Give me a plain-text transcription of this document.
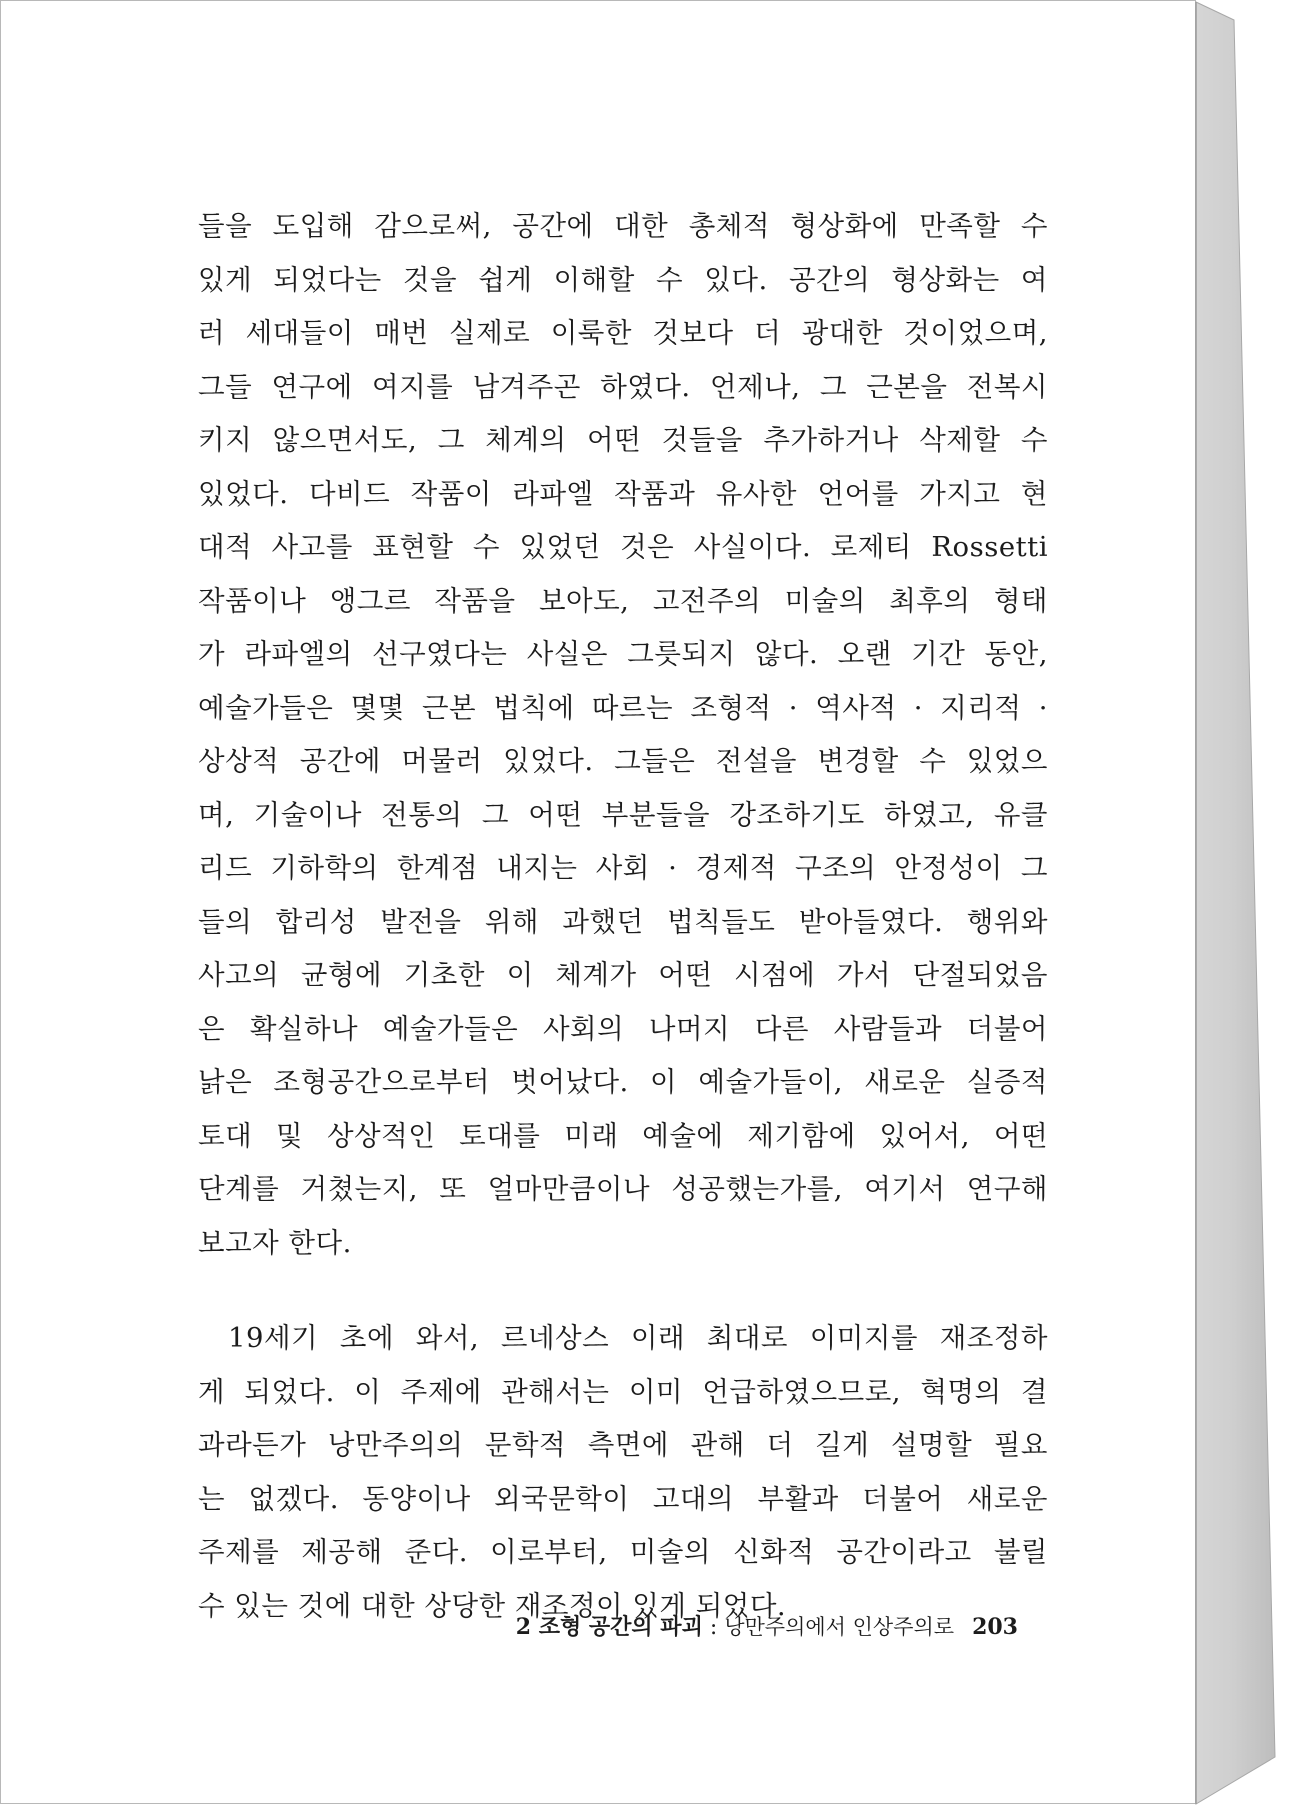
들을 도입해 감으로써, 공간에 대한 총체적 형상화에 만족할 수
있게 되었다는 것을 쉽게 이해할 수 있다. 공간의 형상화는 여
러 세대들이 매번 실제로 이룩한 것보다 더 광대한 것이었으며,
그들 연구에 여지를 남겨주곤 하였다. 언제나, 그 근본을 전복시
키지 않으면서도, 그 체계의 어떤 것들을 추가하거나 삭제할 수
있었다. 다비드 작품이 라파엘 작품과 유사한 언어를 가지고 현
대적 사고를 표현할 수 있었던 것은 사실이다. 로제티 Rossetti
작품이나 앵그르 작품을 보아도, 고전주의 미술의 최후의 형태
가 라파엘의 선구였다는 사실은 그릇되지 않다. 오랜 기간 동안,
예술가들은 몇몇 근본 법칙에 따르는 조형적 · 역사적 · 지리적 ·
상상적 공간에 머물러 있었다. 그들은 전설을 변경할 수 있었으
며, 기술이나 전통의 그 어떤 부분들을 강조하기도 하였고, 유클
리드 기하학의 한계점 내지는 사회 · 경제적 구조의 안정성이 그
들의 합리성 발전을 위해 과했던 법칙들도 받아들였다. 행위와
사고의 균형에 기초한 이 체계가 어떤 시점에 가서 단절되었음
은 확실하나 예술가들은 사회의 나머지 다른 사람들과 더불어
낡은 조형공간으로부터 벗어났다. 이 예술가들이, 새로운 실증적
토대 및 상상적인 토대를 미래 예술에 제기함에 있어서, 어떤
단계를 거쳤는지, 또 얼마만큼이나 성공했는가를, 여기서 연구해
보고자 한다.
19세기 초에 와서, 르네상스 이래 최대로 이미지를 재조정하
게 되었다. 이 주제에 관해서는 이미 언급하였으므로, 혁명의 결
과라든가 낭만주의의 문학적 측면에 관해 더 길게 설명할 필요
는 없겠다. 동양이나 외국문학이 고대의 부활과 더불어 새로운
주제를 제공해 준다. 이로부터, 미술의 신화적 공간이라고 불릴
수 있는 것에 대한 상당한 재조정이 있게 되었다.
2 조형 공간의 파괴 : 낭만주의에서 인상주의로 203
